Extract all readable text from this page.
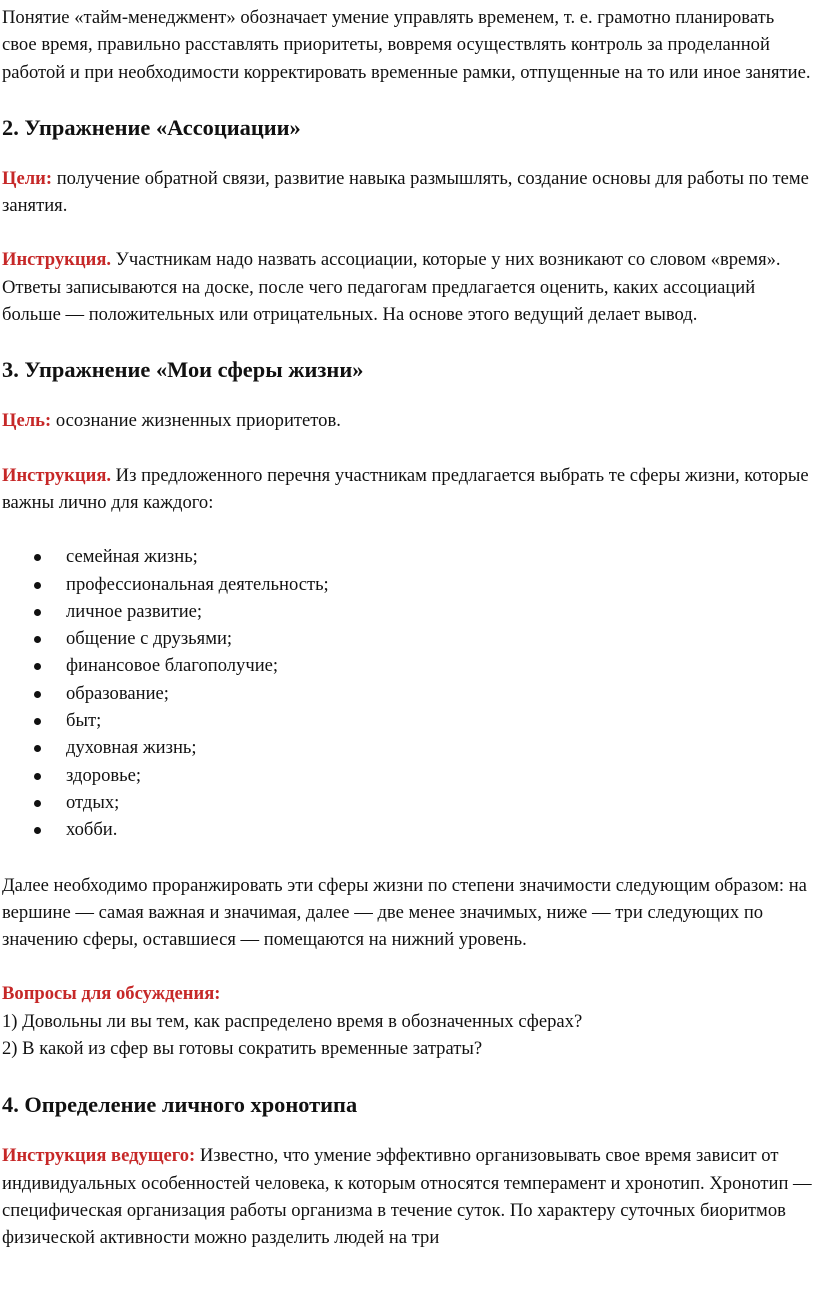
Понятие «тайм-менеджмент» обозначает умение управлять временем, т. е. грамотно планировать свое время, правильно расставлять приоритеты, вовремя осуществлять контроль за проделанной работой и при необходимости корректировать временные рамки, отпущенные на то или иное занятие.

2. Упражнение «Ассоциации»

Цели: получение обратной связи, развитие навыка размышлять, создание основы для работы по теме занятия.

Инструкция. Участникам надо назвать ассоциации, которые у них возникают со словом «время». Ответы записываются на доске, после чего педагогам предлагается оценить, каких ассоциаций больше — положительных или отрицательных. На основе этого ведущий делает вывод.

3. Упражнение «Мои сферы жизни»

Цель: осознание жизненных приоритетов.

Инструкция. Из предложенного перечня участникам предлагается выбрать те сферы жизни, которые важны лично для каждого:

семейная жизнь;
профессиональная деятельность;
личное развитие;
общение с друзьями;
финансовое благополучие;
образование;
быт;
духовная жизнь;
здоровье;
отдых;
хобби.

Далее необходимо проранжировать эти сферы жизни по степени значимости следующим образом: на вершине — самая важная и значимая, далее — две менее значимых, ниже — три следующих по значению сферы, оставшиеся — помещаются на нижний уровень.

Вопросы для обсуждения:

1) Довольны ли вы тем, как распределено время в обозначенных сферах?

2) В какой из сфер вы готовы сократить временные затраты?

4. Определение личного хронотипа

Инструкция ведущего: Известно, что умение эффективно организовывать свое время зависит от индивидуальных особенностей человека, к которым относятся темперамент и хронотип. Хронотип — специфическая организация работы организма в течение суток. По характеру суточных биоритмов физической активности можно разделить людей на три
